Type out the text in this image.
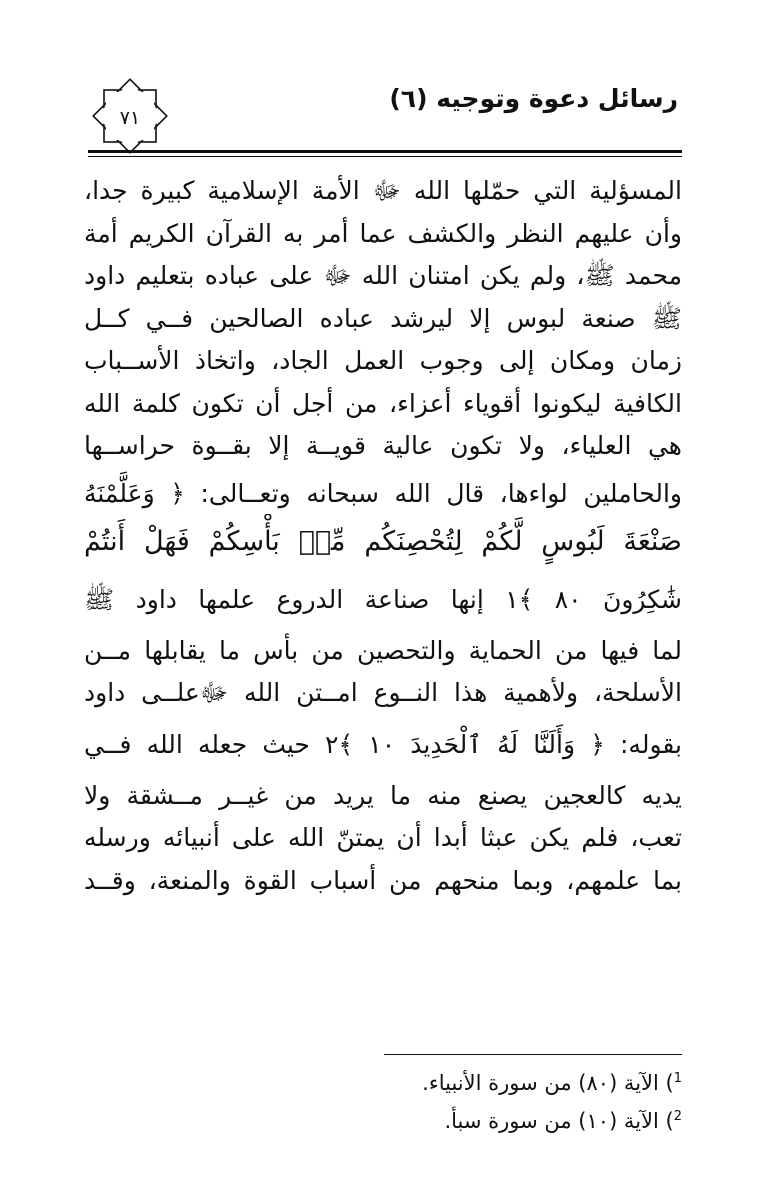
رسائل دعوة وتوجيه (٦)
٧١
المسؤلية التي حمّلها الله ﷻ الأمة الإسلامية كبيرة جدا،
وأن عليهم النظر والكشف عما أمر به القرآن الكريم أمة
محمد ﷺ، ولم يكن امتنان الله ﷻ على عباده بتعليم داود
ﷺ صنعة لبوس إلا ليرشد عباده الصالحين فــي كــل
زمان ومكان إلى وجوب العمل الجاد، واتخاذ الأســباب
الكافية ليكونوا أقوياء أعزاء، من أجل أن تكون كلمة الله
هي العلياء، ولا تكون عالية قويــة إلا بقــوة حراســها
والحاملين لواءها، قال الله سبحانه وتعــالى: ﴿ وَعَلَّمْنَهُ
صَنْعَةَ لَبُوسٍ لَّكُمْ لِتُحْصِنَكُم مِّنۢ بَأْسِكُمْ فَهَلْ أَنتُمْ
شَٰكِرُونَ ٨٠ ﴾١ إنها صناعة الدروع علمها داود ﷺ
لما فيها من الحماية والتحصين من بأس ما يقابلها مــن
الأسلحة، ولأهمية هذا النــوع امــتن الله ﷻعلــى داود
بقوله: ﴿ وَأَلَنَّا لَهُ ٱلْحَدِيدَ ١٠ ﴾٢ حيث جعله الله فــي
يديه كالعجين يصنع منه ما يريد من غيــر مــشقة ولا
تعب، فلم يكن عبثا أبدا أن يمتنّ الله على أنبيائه ورسله
بما علمهم، وبما منحهم من أسباب القوة والمنعة، وقــد
$^1$) الآية (٨٠) من سورة الأنبياء.
$^2$) الآية (١٠) من سورة سبأ.
